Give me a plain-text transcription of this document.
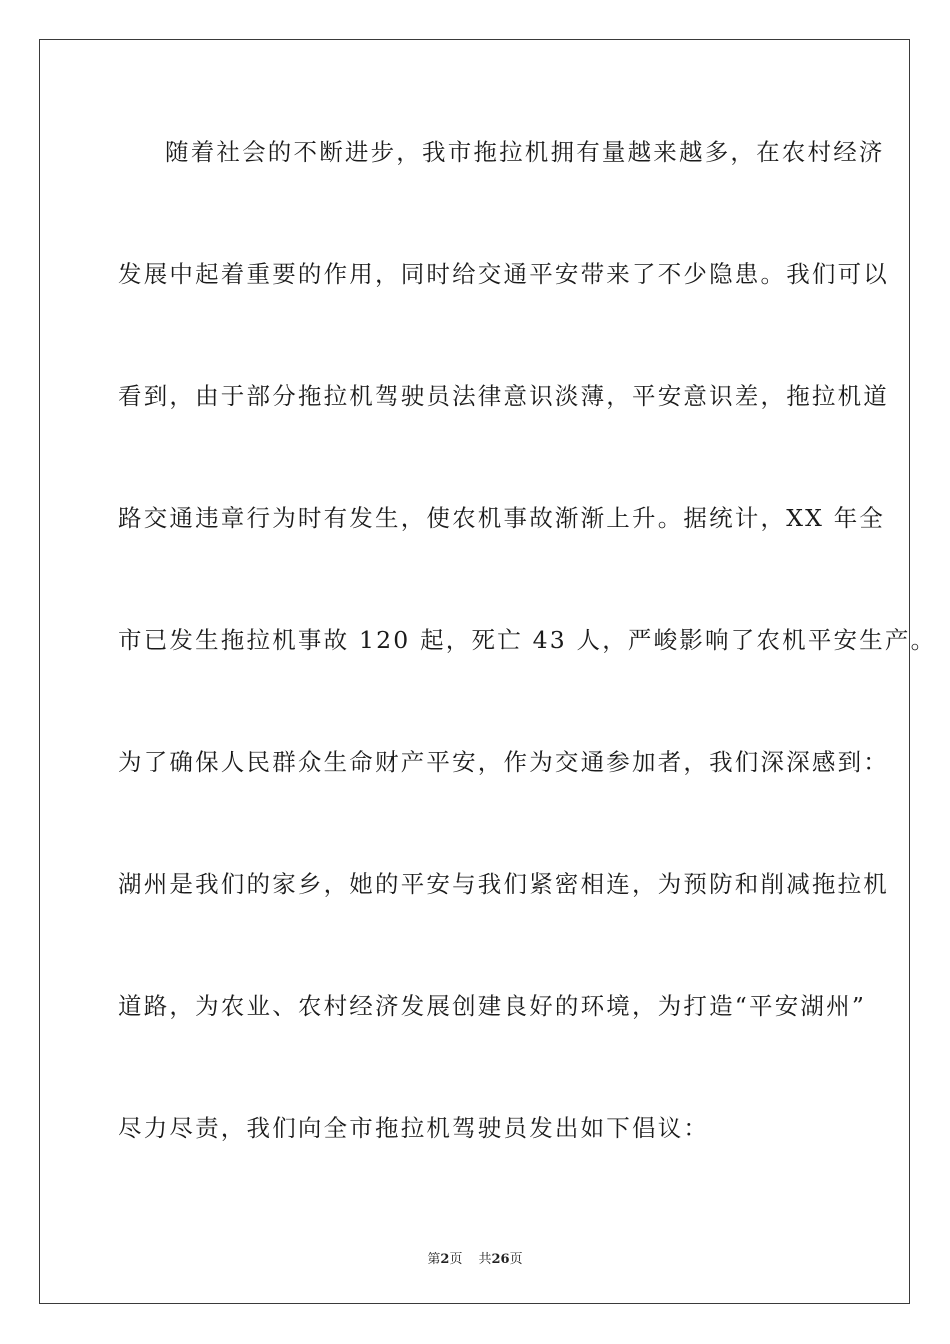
随着社会的不断进步，我市拖拉机拥有量越来越多，在农村经济
发展中起着重要的作用，同时给交通平安带来了不少隐患。我们可以
看到，由于部分拖拉机驾驶员法律意识淡薄，平安意识差，拖拉机道
路交通违章行为时有发生，使农机事故渐渐上升。据统计，XX 年全
市已发生拖拉机事故 120 起，死亡 43 人，严峻影响了农机平安生产。
为了确保人民群众生命财产平安，作为交通参加者，我们深深感到：
湖州是我们的家乡，她的平安与我们紧密相连，为预防和削减拖拉机
道路，为农业、农村经济发展创建良好的环境，为打造“平安湖州”
尽力尽责，我们向全市拖拉机驾驶员发出如下倡议：
第2页 共26页
